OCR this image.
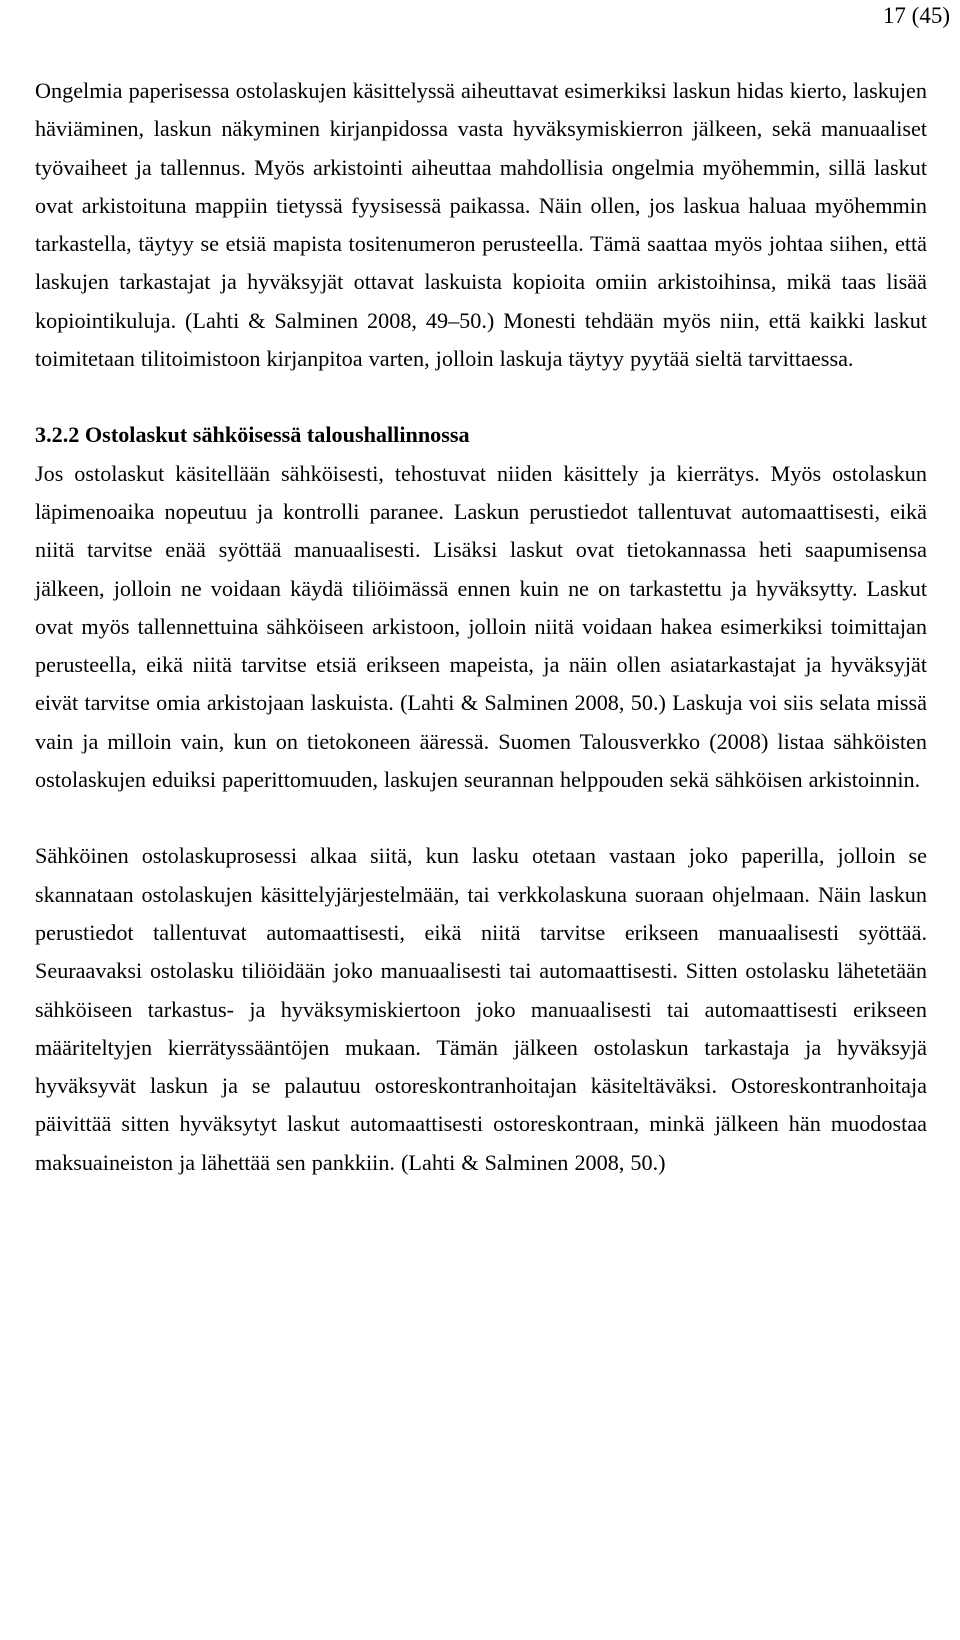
17 (45)

Ongelmia paperisessa ostolaskujen käsittelyssä aiheuttavat esimerkiksi laskun hidas kierto, laskujen häviäminen, laskun näkyminen kirjanpidossa vasta hyväksymiskierron jälkeen, sekä manuaaliset työvaiheet ja tallennus. Myös arkistointi aiheuttaa mahdollisia ongelmia myöhemmin, sillä laskut ovat arkistoituna mappiin tietyssä fyysisessä paikassa. Näin ollen, jos laskua haluaa myöhemmin tarkastella, täytyy se etsiä mapista tositenumeron perusteella. Tämä saattaa myös johtaa siihen, että laskujen tarkastajat ja hyväksyjät ottavat laskuista kopioita omiin arkistoihinsa, mikä taas lisää kopiointikuluja. (Lahti & Salminen 2008, 49–50.) Monesti tehdään myös niin, että kaikki laskut toimitetaan tilitoimistoon kirjanpitoa varten, jolloin laskuja täytyy pyytää sieltä tarvittaessa.

3.2.2 Ostolaskut sähköisessä taloushallinnossa

Jos ostolaskut käsitellään sähköisesti, tehostuvat niiden käsittely ja kierrätys. Myös ostolaskun läpimenoaika nopeutuu ja kontrolli paranee. Laskun perustiedot tallentuvat automaattisesti, eikä niitä tarvitse enää syöttää manuaalisesti. Lisäksi laskut ovat tietokannassa heti saapumisensa jälkeen, jolloin ne voidaan käydä tiliöimässä ennen kuin ne on tarkastettu ja hyväksytty. Laskut ovat myös tallennettuina sähköiseen arkistoon, jolloin niitä voidaan hakea esimerkiksi toimittajan perusteella, eikä niitä tarvitse etsiä erikseen mapeista, ja näin ollen asiatarkastajat ja hyväksyjät eivät tarvitse omia arkistojaan laskuista. (Lahti & Salminen 2008, 50.) Laskuja voi siis selata missä vain ja milloin vain, kun on tietokoneen ääressä. Suomen Talousverkko (2008) listaa sähköisten ostolaskujen eduiksi paperittomuuden, laskujen seurannan helppouden sekä sähköisen arkistoinnin.

Sähköinen ostolaskuprosessi alkaa siitä, kun lasku otetaan vastaan joko paperilla, jolloin se skannataan ostolaskujen käsittelyjärjestelmään, tai verkkolaskuna suoraan ohjelmaan. Näin laskun perustiedot tallentuvat automaattisesti, eikä niitä tarvitse erikseen manuaalisesti syöttää. Seuraavaksi ostolasku tiliöidään joko manuaalisesti tai automaattisesti. Sitten ostolasku lähetetään sähköiseen tarkastus- ja hyväksymiskiertoon joko manuaalisesti tai automaattisesti erikseen määriteltyjen kierrätyssääntöjen mukaan. Tämän jälkeen ostolaskun tarkastaja ja hyväksyjä hyväksyvät laskun ja se palautuu ostoreskontranhoitajan käsiteltäväksi. Ostoreskontranhoitaja päivittää sitten hyväksytyt laskut automaattisesti ostoreskontraan, minkä jälkeen hän muodostaa maksuaineiston ja lähettää sen pankkiin. (Lahti & Salminen 2008, 50.)
